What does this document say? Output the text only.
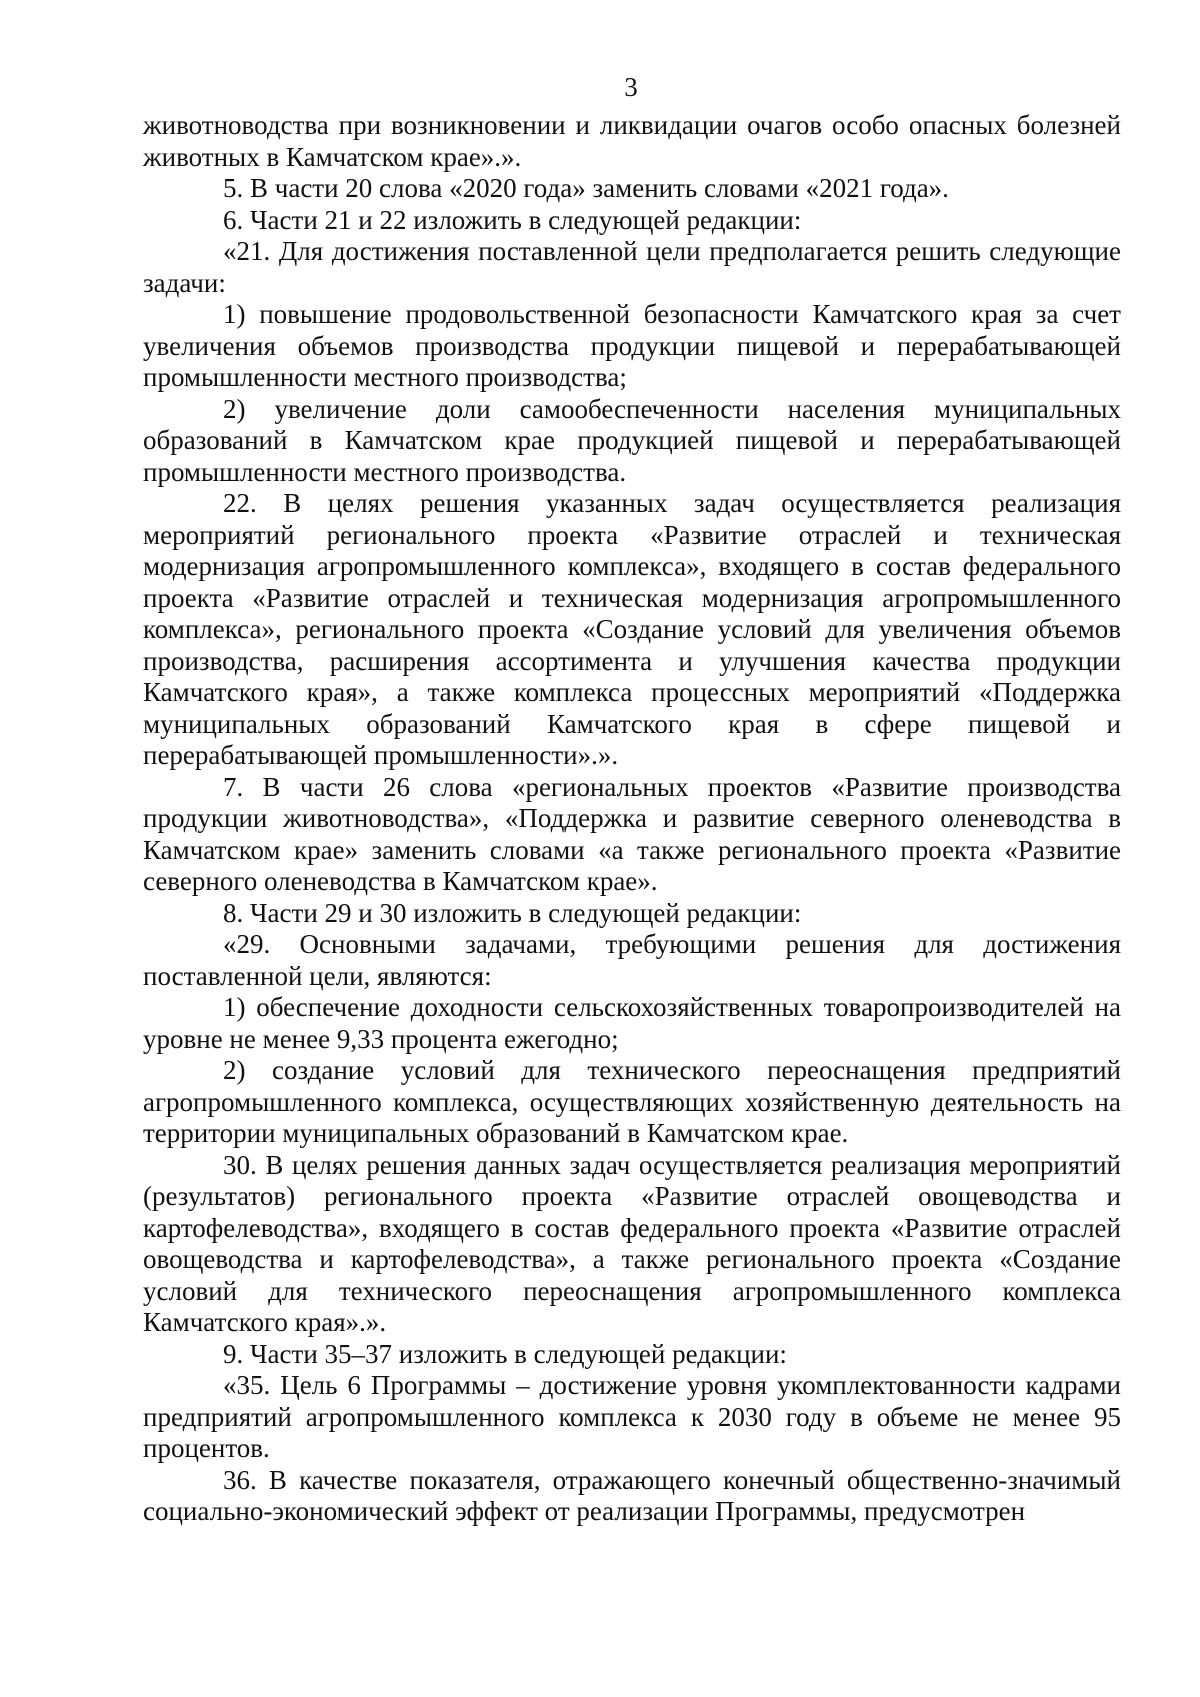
3

животноводства при возникновении и ликвидации очагов особо опасных болезней животных в Камчатском крае».».

5. В части 20 слова «2020 года» заменить словами «2021 года».

6. Части 21 и 22 изложить в следующей редакции:

«21. Для достижения поставленной цели предполагается решить следующие задачи:

1) повышение продовольственной безопасности Камчатского края за счет увеличения объемов производства продукции пищевой и перерабатывающей промышленности местного производства;

2) увеличение доли самообеспеченности населения муниципальных образований в Камчатском крае продукцией пищевой и перерабатывающей промышленности местного производства.

22. В целях решения указанных задач осуществляется реализация мероприятий регионального проекта «Развитие отраслей и техническая модернизация агропромышленного комплекса», входящего в состав федерального проекта «Развитие отраслей и техническая модернизация агропромышленного комплекса», регионального проекта «Создание условий для увеличения объемов производства, расширения ассортимента и улучшения качества продукции Камчатского края», а также комплекса процессных мероприятий «Поддержка муниципальных образований Камчатского края в сфере пищевой и перерабатывающей промышленности».».

7. В части 26 слова «региональных проектов «Развитие производства продукции животноводства», «Поддержка и развитие северного оленеводства в Камчатском крае» заменить словами «а также регионального проекта «Развитие северного оленеводства в Камчатском крае».

8. Части 29 и 30 изложить в следующей редакции:

«29. Основными задачами, требующими решения для достижения поставленной цели, являются:

1) обеспечение доходности сельскохозяйственных товаропроизводителей на уровне не менее 9,33 процента ежегодно;

2) создание условий для технического переоснащения предприятий агропромышленного комплекса, осуществляющих хозяйственную деятельность на территории муниципальных образований в Камчатском крае.

30. В целях решения данных задач осуществляется реализация мероприятий (результатов) регионального проекта «Развитие отраслей овощеводства и картофелеводства», входящего в состав федерального проекта «Развитие отраслей овощеводства и картофелеводства», а также регионального проекта «Создание условий для технического переоснащения агропромышленного комплекса Камчатского края».».

9. Части 35–37 изложить в следующей редакции:

«35. Цель 6 Программы – достижение уровня укомплектованности кадрами предприятий агропромышленного комплекса к 2030 году в объеме не менее 95 процентов.

36. В качестве показателя, отражающего конечный общественно-значимый социально-экономический эффект от реализации Программы, предусмотрен
